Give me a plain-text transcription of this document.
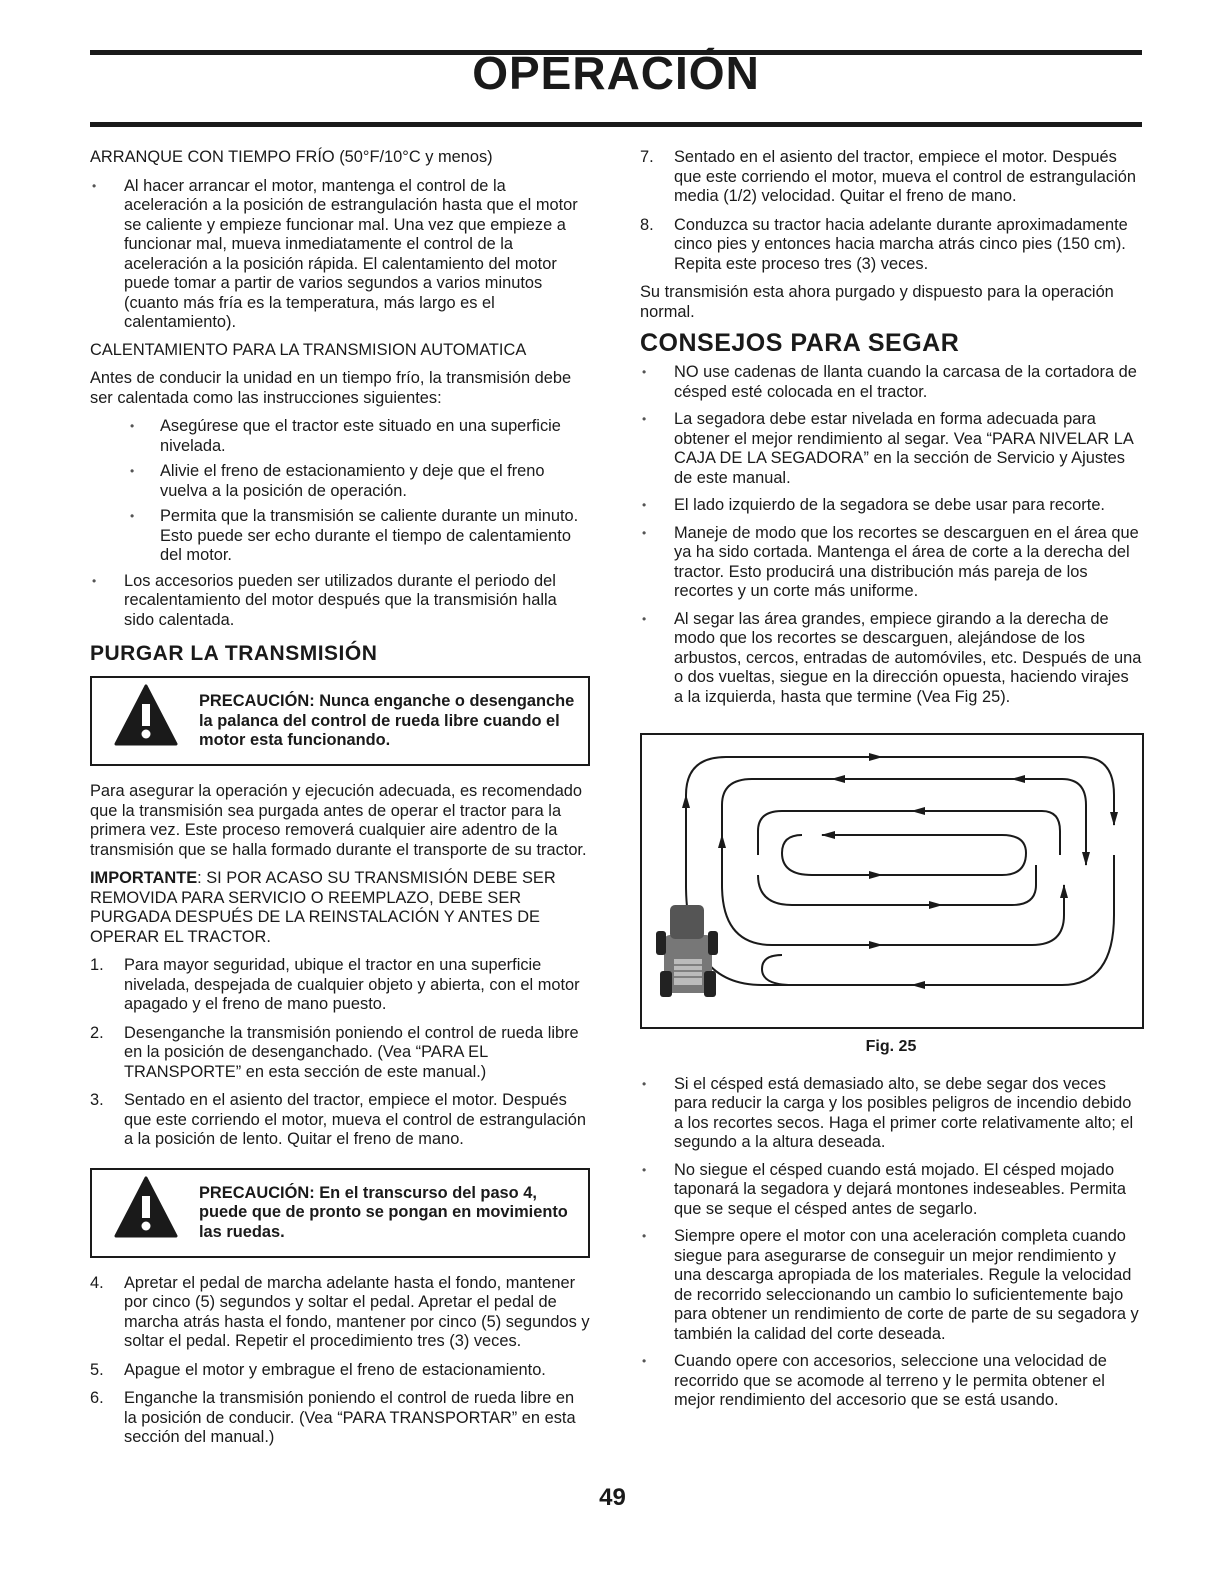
OPERACIÓN

ARRANQUE CON TIEMPO FRÍO (50°F/10°C y menos)

• Al hacer arrancar el motor, mantenga el control de la aceleración a la posición de estrangulación hasta que el motor se caliente y empieze funcionar mal. Una vez que empieze a funcionar mal, mueva inmediatamente el control de la aceleración a la posición rápida. El calentamiento del motor puede tomar a partir de varios segundos a varios minutos (cuanto más fría es la temperatura, más largo es el calentamiento).

CALENTAMIENTO PARA LA TRANSMISION AUTOMATICA

Antes de conducir la unidad en un tiempo frío, la transmisión debe ser calentada como las instrucciones siguientes:

• Asegúrese que el tractor este situado en una superficie nivelada.
• Alivie el freno de estacionamiento y deje que el freno vuelva a la posición de operación.
• Permita que la transmisión se caliente durante un minuto. Esto puede ser echo durante el tiempo de calentamiento del motor.
• Los accesorios pueden ser utilizados durante el periodo del recalentamiento del motor después que la transmisión halla sido calentada.
PURGAR LA TRANSMISIÓN
PRECAUCIÓN: Nunca enganche o desenganche la palanca del control de rueda libre cuando el motor esta funcionando.

Para asegurar la operación y ejecución adecuada, es recomendado que la transmisión sea purgada antes de operar el tractor para la primera vez. Este proceso removerá cualquier aire adentro de la transmisión que se halla formado durante el transporte de su tractor.

IMPORTANTE: SI POR ACASO SU TRANSMISIÓN DEBE SER REMOVIDA PARA SERVICIO O REEMPLAZO, DEBE SER PURGADA DESPUÉS DE LA REINSTALACIÓN Y ANTES DE OPERAR EL TRACTOR.

1. Para mayor seguridad, ubique el tractor en una superficie nivelada, despejada de cualquier objeto y abierta, con el motor apagado y el freno de mano puesto.
2. Desenganche la transmisión poniendo el control de rueda libre en la posición de desenganchado. (Vea “PARA EL TRANSPORTE” en esta sección de este manual.)
3. Sentado en el asiento del tractor, empiece el motor. Después que este corriendo el motor, mueva el control de estrangulación a la posición de lento. Quitar el freno de mano.
PRECAUCIÓN: En el transcurso del paso 4, puede que de pronto se pongan en movimiento las ruedas.
4. Apretar el pedal de marcha adelante hasta el fondo, mantener por cinco (5) segundos y soltar el pedal. Apretar el pedal de marcha atrás hasta el fondo, mantener por cinco (5) segundos y soltar el pedal. Repetir el procedimiento tres (3) veces.
5. Apague el motor y embrague el freno de estacionamiento.
6. Enganche la transmisión poniendo el control de rueda libre en la posición de conducir. (Vea “PARA TRANSPORTAR” en esta sección del manual.)
7. Sentado en el asiento del tractor, empiece el motor. Después que este corriendo el motor, mueva el control de estrangulación media (1/2) velocidad. Quitar el freno de mano.
8. Conduzca su tractor hacia adelante durante aproximadamente cinco pies y entonces hacia marcha atrás cinco pies (150 cm). Repita este proceso tres (3) veces.

Su transmisión esta ahora purgado y dispuesto para la operación normal.

CONSEJOS PARA SEGAR
• NO use cadenas de llanta cuando la carcasa de la cortadora de césped esté colocada en el tractor.
• La segadora debe estar nivelada en forma adecuada para obtener el mejor rendimiento al segar. Vea “PARA NIVELAR LA CAJA DE LA SEGADORA” en la sección de Servicio y Ajustes de este manual.
• El lado izquierdo de la segadora se debe usar para recorte.
• Maneje de modo que los recortes se descarguen en el área que ya ha sido cortada. Mantenga el área de corte a la derecha del tractor. Esto producirá una distribución más pareja de los recortes y un corte más uniforme.
• Al segar las área grandes, empiece girando a la derecha de modo que los recortes se descarguen, alejándose de los arbustos, cercos, entradas de automóviles, etc. Después de una o dos vueltas, siegue en la dirección opuesta, haciendo virajes a la izquierda, hasta que termine (Vea Fig 25).
Fig. 25
• Si el césped está demasiado alto, se debe segar dos veces para reducir la carga y los posibles peligros de incendio debido a los recortes secos. Haga el primer corte relativamente alto; el segundo a la altura deseada.
• No siegue el césped cuando está mojado. El césped mojado taponará la segadora y dejará montones indeseables. Permita que se seque el césped antes de segarlo.
• Siempre opere el motor con una aceleración completa cuando siegue para asegurarse de conseguir un mejor rendimiento y una descarga apropiada de los materiales. Regule la velocidad de recorrido seleccionando un cambio lo suficientemente bajo para obtener un rendimiento de corte de parte de su segadora y también la calidad del corte deseada.
• Cuando opere con accesorios, seleccione una velocidad de recorrido que se acomode al terreno y le permita obtener el mejor rendimiento del accesorio que se está usando.
49
